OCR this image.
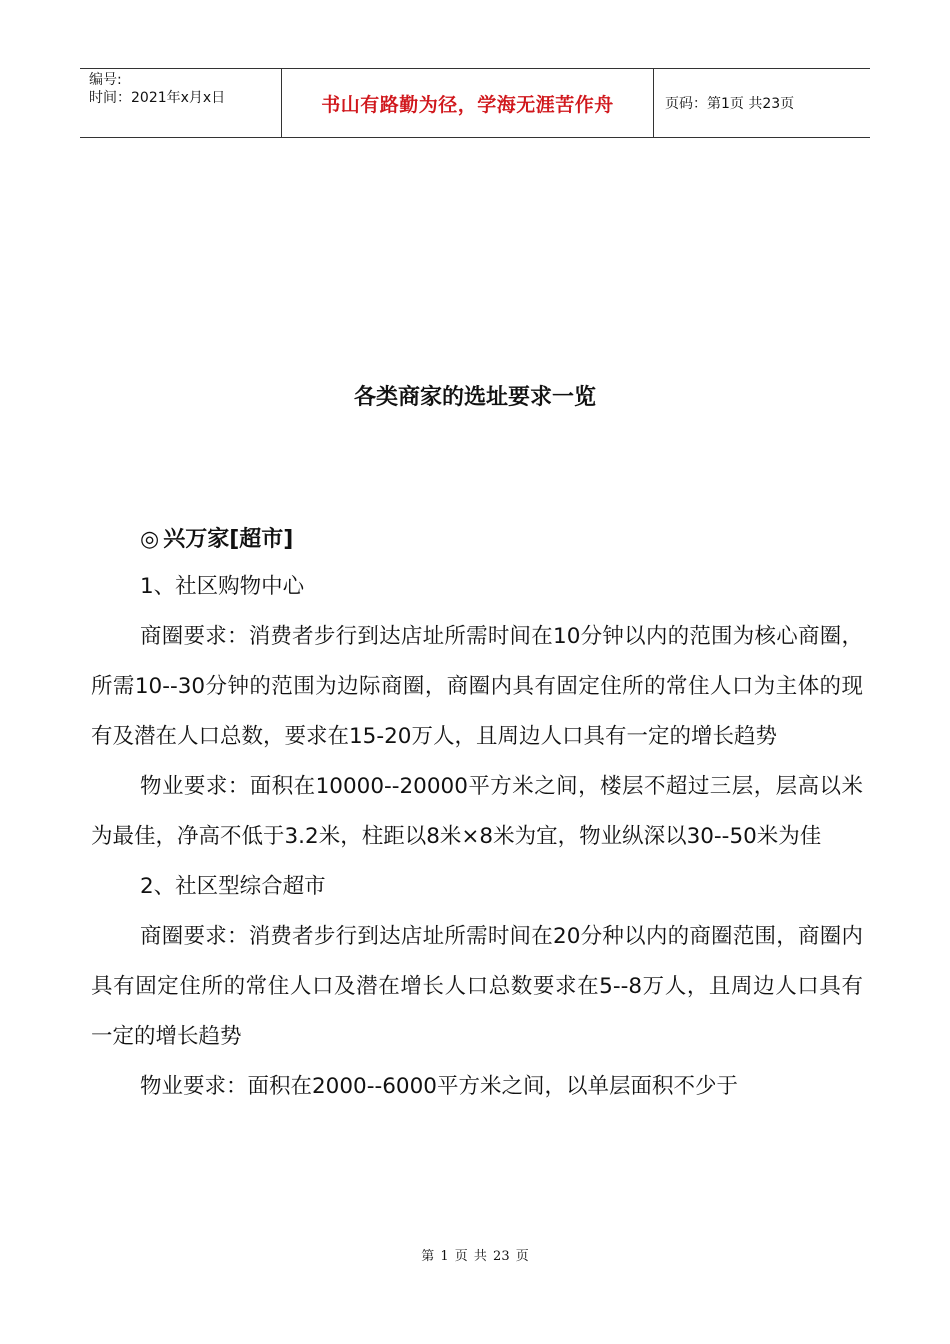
编号:
时间：2021年x月x日	书山有路勤为径，学海无涯苦作舟	页码：第1页 共23页
各类商家的选址要求一览
◎ 兴万家[超市]

1、社区购物中心

商圈要求：消费者步行到达店址所需时间在10分钟以内的范围为核心商圈，所需10--30分钟的范围为边际商圈，商圈内具有固定住所的常住人口为主体的现有及潜在人口总数，要求在15-20万人，且周边人口具有一定的增长趋势

物业要求：面积在10000--20000平方米之间，楼层不超过三层，层高以米为最佳，净高不低于3.2米，柱距以8米×8米为宜，物业纵深以30--50米为佳

2、社区型综合超市

商圈要求：消费者步行到达店址所需时间在20分种以内的商圈范围，商圈内具有固定住所的常住人口及潜在增长人口总数要求在5--8万人，且周边人口具有一定的增长趋势

物业要求：面积在2000--6000平方米之间，以单层面积不少于

第 1 页 共 23 页
